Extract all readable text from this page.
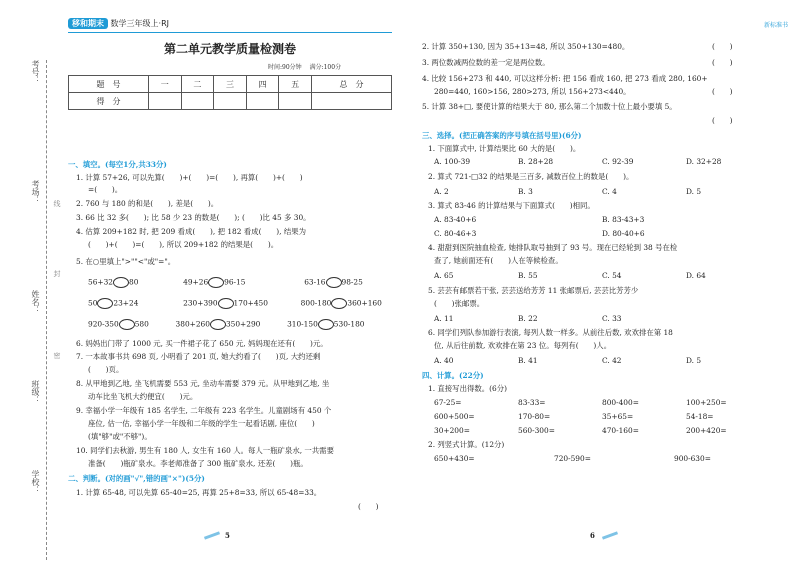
考号：
考场：
姓名：
班级：
学校：
线
封
密
移和期末 数学三年级上·RJ
第二单元教学质量检测卷
时间:90分钟　 满分:100分
题　号	一	二	三	四	五	总　分
得　分						
一、填空。(每空1分,共33分)
1. 计算 57+26, 可以先算(　　)+(　　)=(　　), 再算(　　)+(　　)
=(　　)。
2. 760 与 180 的和是(　　), 差是(　　)。
3. 66 比 32 多(　　); 比 58 少 23 的数是(　　); (　　)比 45 多 30。
4. 估算 209+182 时, 把 209 看成(　　), 把 182 看成(　　), 结果为
(　　)+(　　)=(　　), 所以 209+182 的结果是(　　)。
5. 在○里填上">""<"或"="。
56+32 80	49+26 96-15	63-16 98-25
50 23+24	230+390 170+450	800-180 360+160
920-350 580	380+260 350+290	310-150 530-180
6. 妈妈出门带了 1000 元, 买一件裙子花了 650 元, 妈妈现在还有(　　)元。
7. 一本故事书共 698 页, 小明看了 201 页, 她大约看了(　　)页, 大约还剩
(　　)页。
8. 从甲地到乙地, 坐飞机需要 553 元, 坐动车需要 379 元。从甲地到乙地, 坐
动车比坐飞机大约便宜(　　)元。
9. 幸福小学一年级有 185 名学生, 二年级有 223 名学生。儿童剧场有 450 个
座位, 估一估, 幸福小学一年级和二年级的学生一起看话剧, 座位(　　)
(填"够"或"不够")。
10. 同学们去秋游, 男生有 180 人, 女生有 160 人。每人一瓶矿泉水, 一共需要
准备(　　)瓶矿泉水。李老师准备了 300 瓶矿泉水, 还差(　　)瓶。
二、判断。(对的画"√",错的画"×")(5分)
1. 计算 65-48, 可以先算 65-40=25, 再算 25+8=33, 所以 65-48=33。
(　　)
5
新标准书
2. 计算 350+130, 因为 35+13=48, 所以 350+130=480。	(　　)
3. 两位数减两位数的差一定是两位数。	(　　)
4. 比较 156+273 和 440, 可以这样分析: 把 156 看成 160, 把 273 看成 280, 160+
280=440, 160>156, 280>273, 所以 156+273<440。	(　　)
5. 计算 38+□, 要使计算的结果大于 80, 那么第二个加数十位上最小要填 5。
(　　)
三、选择。(把正确答案的序号填在括号里)(6分)
1. 下面算式中, 计算结果比 60 大的是(　　)。
A. 100-39	B. 28+28	C. 92-39	D. 32+28
2. 算式 721-□32 的结果是三百多, 减数百位上的数是(　　)。
A. 2	B. 3	C. 4	D. 5
3. 算式 83-46 的计算结果与下面算式(　　)相同。
A. 83-40+6	B. 83-43+3
C. 80-46+3	D. 80-40+6
4. 甜甜到医院抽血检查, 她排队取号抽到了 93 号。现在已经轮到 38 号在检
查了, 她前面还有(　　)人在等候检查。
A. 65	B. 55	C. 54	D. 64
5. 芸芸有邮票若干张, 芸芸送给芳芳 11 张邮票后, 芸芸比芳芳少
(　　)张邮票。
A. 11	B. 22	C. 33
6. 同学们列队参加游行表演, 每列人数一样多。从前往后数, 欢欢排在第 18
位, 从后往前数, 欢欢排在第 23 位。每列有(　　)人。
A. 40	B. 41	C. 42	D. 5
四、计算。(22分)
1. 直接写出得数。(6分)
67-25=	83-33=	800-400=	100+250=
600+500=	170-80=	35+65=	54-18=
30+200=	560-300=	470-160=	200+420=
2. 列竖式计算。(12分)
650+430=	720-590=	900-630=
6
